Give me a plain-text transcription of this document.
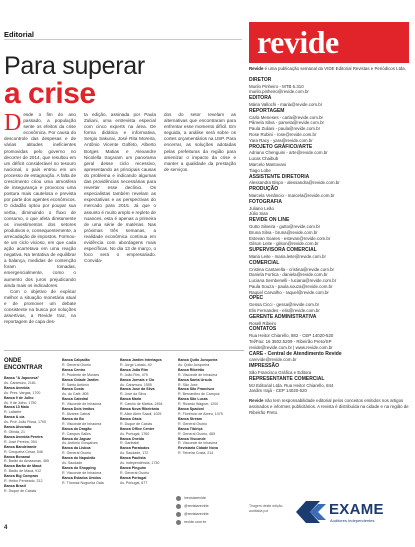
Editorial
Para superar
a crise
Desde o fim do ano passado, a população sente os efeitos da crise econômica. Por causa do descontrole das despesas e de várias atitudes ineficientes promovidas pelo governo no decorrer de 2014, que resultou em um déficit considerável no tesouro nacional, o país entrou em um processo de estagnação. A falta de crescimento criou uma atmosfera de insegurança e provocou uma postura mais cautelosa e prevista por parte dos agentes econômicos. O cidadão optou por poupar sua verba, diminuindo o fluxo de consumo, o que afeta diretamente os investimentos dos setores produtivos e, consequentemente, a arrecadação de impostos. Formou-se um ciclo vicioso, em que cada ação acarretava em uma reação negativa. Na tentativa de equilibrar a balança, medidas de contenção foram tomadas, emergencialmente, como o aumento dos juros prejudicando ainda mais os indicadores.

Com o objetivo de explicar melhor a situação monetária atual e de promover um debate consistente na busca por soluções assertivas, a Revide traz, na reportagem de capa des-

ta edição, assinada por Paula Zuliani, uma entrevista especial com cinco experts na área. De forma didática e informativa, Sergio Sakurai, José Rita Moreira, Antônio Vicente Golfeto, Alberto Borges Matias e Alexandre Nicolella traçaram um panorama geral desse ciclo recessivo, apresentando as principais causas do problema e indicando algumas das providências necessárias para reverter esse declínio. Os especialistas também revelam as expectativas e as perspectivas do mercado para 2015. Já que o assunto é muito amplo e repleto de nuances, esta é apenas a primeira de uma série de matérias. Nas próximas três semanas, a realidade econômica continua em evidência com abordagens mais específicas. No dia 13 de março, o foco será o empresariado. Convida-

dos do setor revelam as alternativas que encontraram para enfrentar esse momento difícil. Em seguida, a análise será sobre os cortes orçamentários na USP. Para encerrar, as soluções adotadas pelas prefeituras da região para amenizar o impacto da crise e manter a qualidade da prestação de serviços.

ONDE ENCONTRAR
Banca "A Japonesa"
Av. Caramuru, 2181
Banca Avenida
Av. Pres. Vargas, 1700
Banca 9 de Julho
Av. 9 de Julho, 1750
Banca 13 Maio
R. Lafaiete
Banca & cia
Av. Prof. João Fiúsa, 1700
Banca Alvorada
R. Olinda, 21
Banca Avenida Pereira
R. José Pereira, 394
Banca Bandeirante
R. Cerqueira César, 546
Banca Bonanal
R. Barão do Amazonas, 465
Banca Barão de Mauá
R. Barão de Mauá, 912
Banca Big Compras
R. Heitor Penteado, 312
Banca Brasil
R. Duque de Caxias
Banca Calçadão
R. General Osório
Banca Centro
R. Prudente de Moraes
Banca Cidade Jardim
R. Santo Antônio
Banca Costa
Av. do Café, 805
Banca Catedral
R. Visconde de Inhaúma
Banca Dois Irmãos
R. Álvares Cabral
Banca do Bo
R. Visconde de Inhaúma
Banca do Dragão
R. Campos Salles
Banca do Jaguar
Av. Antônio Gonçalves
Banca da Lisboa
R. General Osório
Banca do Napoleão
Av. Saudade
Banca do Shopping
R. Visconde de Inhaúma
Banca Estados Unidos
R. Thomaz Nogueira Gaia
Banca Jardim Interlagos
R. Jorge Lobato, 40
Banca João Rim
R. João Rim, 475
Banca Jornais e Cia
Av. Caramuru, 1555
Banca José da Silva
R. José da Silva
Banca Maria
R. Camilo de Mattos, 2454
Banca Nova Ribeirânia
R. Alice Além Saadi, 1025
Banca Oásis
R. Duque de Caxias
Banca Office Center
Av. Portugal, 1760
Banca Oneida
R. Garibaldi
Banca Paratodos
Av. Saudade, 172
Banca Paulista
Av. Independência, 1730
Banca Pinguim
R. General Osório
Banca Portugal
Av. Portugal, 677
Banca Quito Junqueira
Av. Quito Junqueira
Banca Ribeirão
R. Visconde de Inhaúma
Banca Santa Ursula
R. São José
Banca São Francisco
R. Bernardino de Campos
Banca São Lucas
R. Ricardo Wagner, 1200
Banca Spadoni
R. Florêncio de Abreu, 1475
Banca Stream
R. General Osório
Banca Tibiriçá
R. General Osório, 465
Banca Visconde
R. Visconde de Inhaúma
Revistaria Cidade Nova
R. Teixeira Costa, 214
/revistarevide
@revistarevide
@revistarevide
revide.com.br
4
revide
Revide é uma publicação semanal da VIDE Editorial Revistas e Periódicos Ltda.
DIRETOR
Murilo Pinheiro - MTB 6.310
murilo.pinheiro@revide.com.br
EDITORA
Mária Vallochi - maria@revide.com.br
REPORTAGEM
Carla Meneses - carla@revide.com.br
Pâmela Silva - pamela@revide.com.br
Paula Zuliani - paula@revide.com.br
Rose Rubini - rose@revide.com.br
Yara Racy - yara@revide.com.br
PROJETO GRÁFICO/ARTE
Adriano Chenguini - arte@revide.com.br
Lucas Chaibub
Marcelo Mantovani
Tiago Lobe
ASSISTENTE DIRETORIA
Alessandra Bispo - alessandra@revide.com.br
PRODUÇÃO
Marcela Venâncio - marcela@revide.com.br
FOTOGRAFIA
Juliano Leão
Júlio Sian
REVIDE ON LINE
Gutto Silveira - gutto@revide.com.br
Bruna Silva - bruna@revide.com.br
Estevan Soares - estevan@revide.com.br
Gilson Leite - gilson@revide.com.br
SUPERVISORA COMERCIAL
Maria Leite - maria.leite@revide.com.br
COMERCIAL
Cristina Cantarella - cristina@revide.com.br
Daniela Fortica - daniela@revide.com.br
Luciana Sembenelli - luciana@revide.com.br
Paula Souza - paula.souza@revide.com.br
Raquel Carvalho - raquel@revide.com.br
OPEC
Gessa Cicci - gessa@revide.com.br
Elis Fernandes - elis@revide.com.br
GERENTE ADMINISTRATIVA
Rosell Ribeiro
CONTATOS
Rua Heitor Chiarello, 882 - CEP 14020-520
Tel/Fax: 16 3602.5209 - Ribeirão Preto/SP
revide@revide.com.br | www.revide.com.br
CARE - Central de Atendimento Revide
carevide@revide.com.br
IMPRESSÃO
São Francisco Gráfica e Editora
REPRESENTANTE COMERCIAL
MJ Editorial Ltda. Rua Heitor Chiarello, 844
Jardim Irajá - CEP 14020-520
Revide não tem responsabilidade editorial pelos conceitos emitidos nos artigos assinados e informes publicitários. A revista é distribuída na cidade e na região de Ribeirão Preto.
Tiragem deste edição auditada por	EXAME
Auditores Independentes
